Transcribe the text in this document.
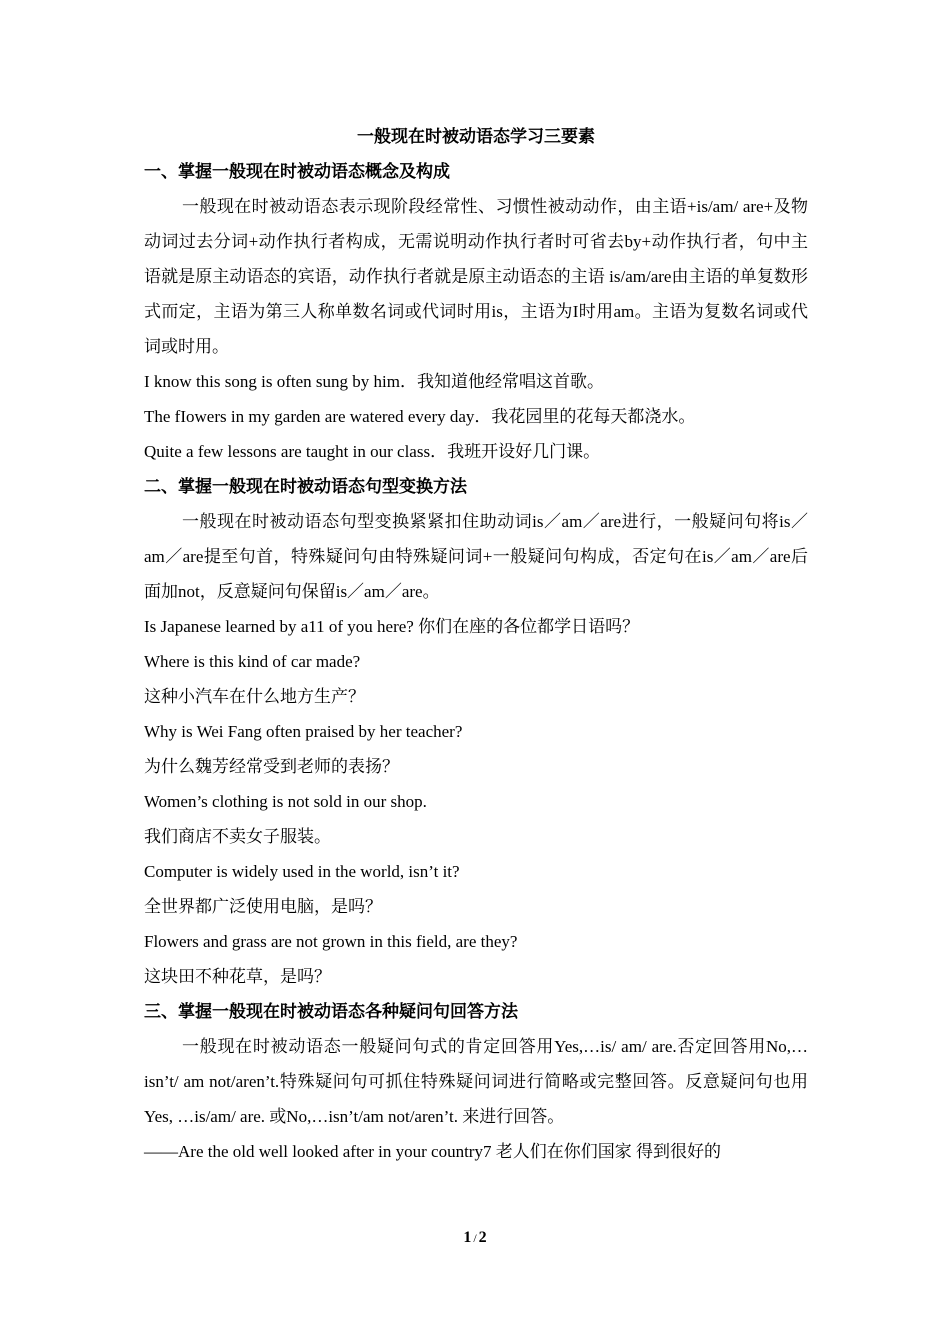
一般现在时被动语态学习三要素
一、掌握一般现在时被动语态概念及构成

一般现在时被动语态表示现阶段经常性、习惯性被动动作，由主语+is/am/ are+及物动词过去分词+动作执行者构成，无需说明动作执行者时可省去by+动作执行者，句中主语就是原主动语态的宾语，动作执行者就是原主动语态的主语 is/am/are由主语的单复数形式而定，主语为第三人称单数名词或代词时用is，主语为I时用am。主语为复数名词或代词或时用。

I know this song is often sung by him．我知道他经常唱这首歌。
The fIowers in my garden are watered every day．我花园里的花每天都浇水。
Quite a few lessons are taught in our class．我班开设好几门课。
二、掌握一般现在时被动语态句型变换方法

一般现在时被动语态句型变换紧紧扣住助动词is／am／are进行，一般疑问句将is／am／are提至句首，特殊疑问句由特殊疑问词+一般疑问句构成，否定句在is／am／are后面加not，反意疑问句保留is／am／are。

Is Japanese learned by a11 of you here? 你们在座的各位都学日语吗？
Where is this kind of car made?
这种小汽车在什么地方生产？
Why is Wei Fang often praised by her teacher?
为什么魏芳经常受到老师的表扬？
Women’s clothing is not sold in our shop.
我们商店不卖女子服装。
Computer is widely used in the world, isn’t it?
全世界都广泛使用电脑，是吗？
Flowers and grass are not grown in this field, are they?
这块田不种花草，是吗？
三、掌握一般现在时被动语态各种疑问句回答方法

一般现在时被动语态一般疑问句式的肯定回答用Yes,…is/ am/ are.否定回答用No,…isn’t/ am not/aren’t.特殊疑问句可抓住特殊疑问词进行简略或完整回答。反意疑问句也用Yes, …is/am/ are. 或No,…isn’t/am not/aren’t. 来进行回答。

——Are the old well looked after in your country7 老人们在你们国家 得到很好的
1 / 2
